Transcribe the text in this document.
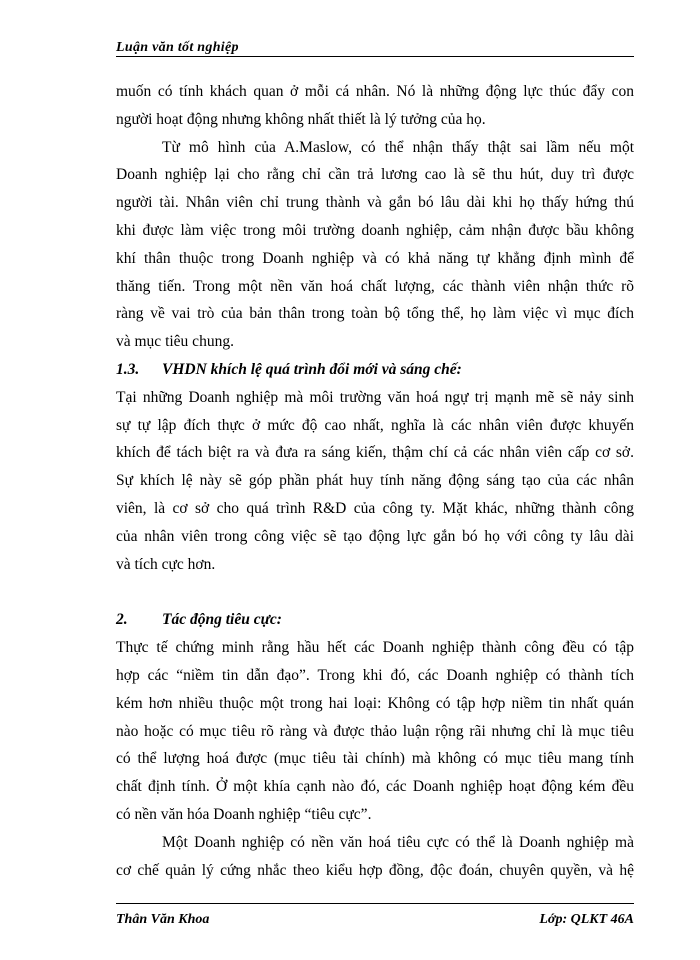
Luận văn tốt nghiệp
muốn có tính khách quan ở mỗi cá nhân. Nó là những động lực thúc đẩy con
người hoạt động nhưng không nhất thiết là lý tưởng của họ.
Từ mô hình của A.Maslow, có thể nhận thấy thật sai lầm nếu một
Doanh nghiệp lại cho rằng chỉ cần trả lương cao là sẽ thu hút, duy trì được
người tài. Nhân viên chỉ trung thành và gắn bó lâu dài khi họ thấy hứng thú
khi được làm việc trong môi trường doanh nghiệp, cảm nhận được bầu không
khí thân thuộc trong Doanh nghiệp và có khả năng tự khẳng định mình để
thăng tiến. Trong một nền văn hoá chất lượng, các thành viên nhận thức rõ
ràng về vai trò của bản thân trong toàn bộ tổng thể, họ làm việc vì mục đích
và mục tiêu chung.
1.3. VHDN khích lệ quá trình đổi mới và sáng chế:
Tại những Doanh nghiệp mà môi trường văn hoá ngự trị mạnh mẽ sẽ nảy sinh
sự tự lập đích thực ở mức độ cao nhất, nghĩa là các nhân viên được khuyến
khích để tách biệt ra và đưa ra sáng kiến, thậm chí cả các nhân viên cấp cơ sở.
Sự khích lệ này sẽ góp phần phát huy tính năng động sáng tạo của các nhân
viên, là cơ sở cho quá trình R&D của công ty. Mặt khác, những thành công
của nhân viên trong công việc sẽ tạo động lực gắn bó họ với công ty lâu dài
và tích cực hơn.
2. Tác động tiêu cực:
Thực tế chứng minh rằng hầu hết các Doanh nghiệp thành công đều có tập
hợp các “niềm tin dẫn đạo”. Trong khi đó, các Doanh nghiệp có thành tích
kém hơn nhiều thuộc một trong hai loại: Không có tập hợp niềm tin nhất quán
nào hoặc có mục tiêu rõ ràng và được thảo luận rộng rãi nhưng chỉ là mục tiêu
có thể lượng hoá được (mục tiêu tài chính) mà không có mục tiêu mang tính
chất định tính. Ở một khía cạnh nào đó, các Doanh nghiệp hoạt động kém đều
có nền văn hóa Doanh nghiệp “tiêu cực”.
Một Doanh nghiệp có nền văn hoá tiêu cực có thể là Doanh nghiệp mà
cơ chế quản lý cứng nhắc theo kiểu hợp đồng, độc đoán, chuyên quyền, và hệ
Thân Văn Khoa	Lớp: QLKT 46A
